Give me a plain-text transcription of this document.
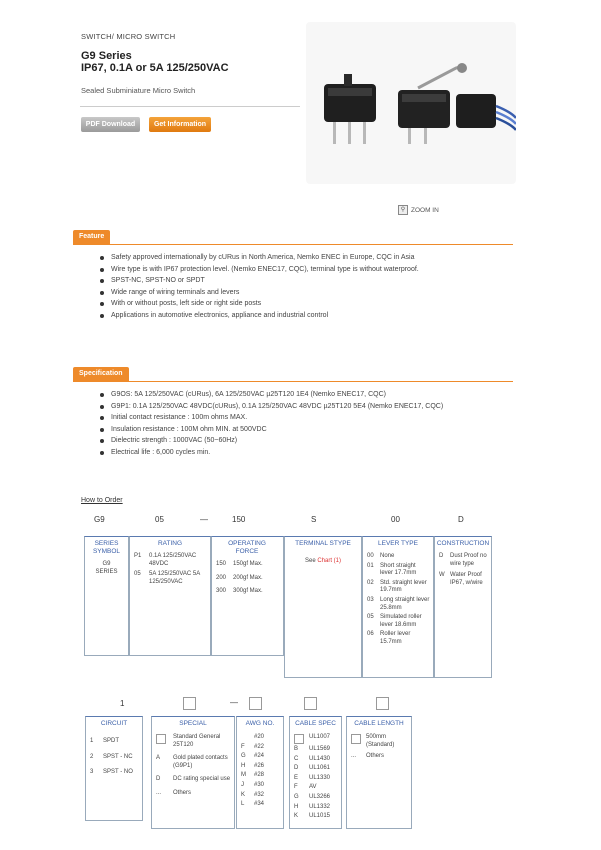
SWITCH/ MICRO SWITCH
G9 Series
IP67, 0.1A or 5A 125/250VAC
Sealed Subminiature Micro Switch
PDF Download	Get Information
⚲ ZOOM IN
Feature
Safety approved internationally by cURus in North America, Nemko ENEC in Europe, CQC in Asia
Wire type is with IP67 protection level. (Nemko ENEC17, CQC), terminal type is without waterproof.
SPST-NC, SPST-NO or SPDT
Wide range of wiring terminals and levers
With or without posts, left side or right side posts
Applications in automotive electronics, appliance and industrial control
Specification
G9OS: 5A 125/250VAC (cURus), 6A 125/250VAC µ25T120 1E4 (Nemko ENEC17, CQC)
G9P1: 0.1A 125/250VAC 48VDC(cURus), 0.1A 125/250VAC 48VDC µ25T120 5E4 (Nemko ENEC17, CQC)
Initial contact resistance : 100m ohms MAX.
Insulation resistance : 100M ohm MIN. at 500VDC
Dielectric strength : 1000VAC (50~60Hz)
Electrical life : 6,000 cycles min.
How to Order
G9	05	—	150	S	00	D
SERIES SYMBOL
G9
SERIES
RATING
P1	0.1A 125/250VAC 48VDC
05	5A 125/250VAC 5A 125/250VAC
OPERATING FORCE
150	150gf Max.
200	200gf Max.
300	300gf Max.
TERMINAL STYPE
See Chart (1)
LEVER TYPE
00	None
01	Short straight lever 17.7mm
02	Std. straight lever 19.7mm
03	Long straight lever 25.8mm
05	Simulated roller lever 18.6mm
06	Roller lever 15.7mm
CONSTRUCTION
D	Dust Proof no wire type
W Water Proof IP67, w/wire
1	—
CIRCUIT
1	SPDT
2	SPST - NC
3	SPST - NO
SPECIAL
Standard General 25T120
A	Gold plated contacts (G9P1)
D	DC rating special use
...	Others
AWG NO.
#20
F	#22
G	#24
H	#26
M	#28
J	#30
K	#32
L	#34
CABLE SPEC
UL1007
B	UL1569
C	UL1430
D	UL1061
E	UL1330
F	AV
G	UL3266
H	UL1332
K	UL1015
CABLE LENGTH
500mm (Standard)
...	Others
